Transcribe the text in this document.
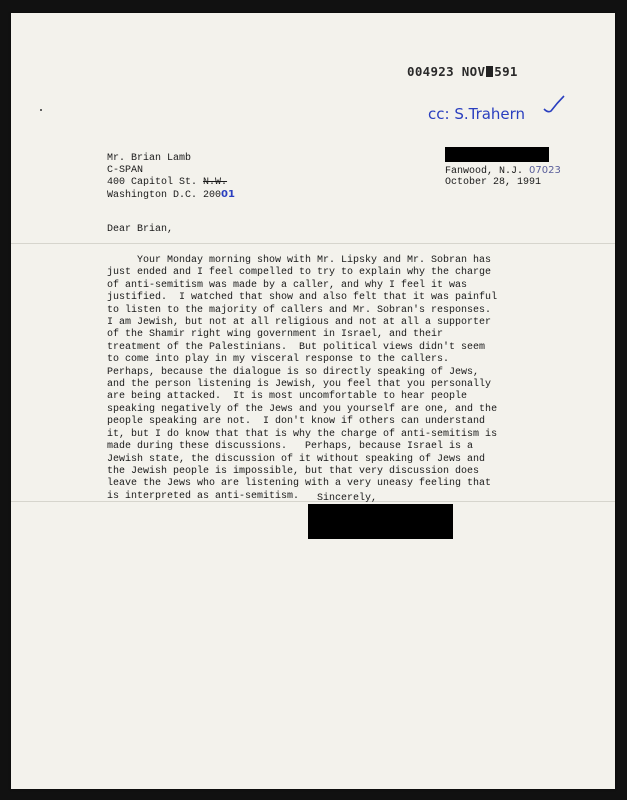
004923 NOV 591
cc: S.Trahern
Mr. Brian Lamb
C-SPAN
400 Capitol St. N.W.
Washington D.C. 20001
Fanwood, N.J. 07023
October 28, 1991
Dear Brian,
Your Monday morning show with Mr. Lipsky and Mr. Sobran has
just ended and I feel compelled to try to explain why the charge
of anti-semitism was made by a caller, and why I feel it was
justified.  I watched that show and also felt that it was painful
to listen to the majority of callers and Mr. Sobran's responses.
I am Jewish, but not at all religious and not at all a supporter
of the Shamir right wing government in Israel, and their
treatment of the Palestinians.  But political views didn't seem
to come into play in my visceral response to the callers.
Perhaps, because the dialogue is so directly speaking of Jews,
and the person listening is Jewish, you feel that you personally
are being attacked.  It is most uncomfortable to hear people
speaking negatively of the Jews and you yourself are one, and the
people speaking are not.  I don't know if others can understand
it, but I do know that that is why the charge of anti-semitism is
made during these discussions.   Perhaps, because Israel is a
Jewish state, the discussion of it without speaking of Jews and
the Jewish people is impossible, but that very discussion does
leave the Jews who are listening with a very uneasy feeling that
is interpreted as anti-semitism.	Sincerely,
